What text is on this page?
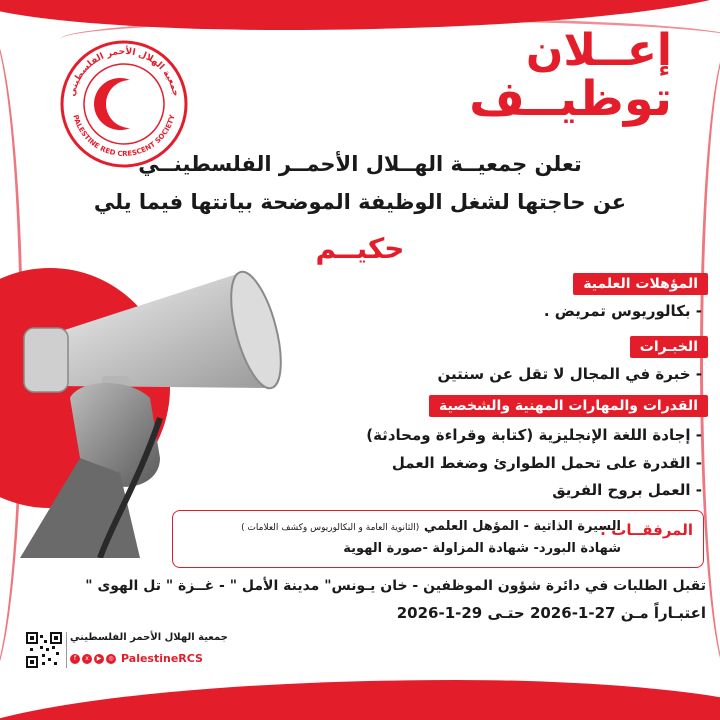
جمعية الهلال الأحمر الفلسطيني
PALESTINE RED CRESCENT SOCIETY
إعــلان
توظيــف
تعلن جمعيــة الهــلال الأحمــر الفلسطينــي
عن حاجتها لشغل الوظيفة الموضحة بيانتها فيما يلي
حكيــم
المؤهلات العلمية
- بكالوريوس تمريض .
الخبـرات
- خبرة في المجال لا تقل عن سنتين
القدرات والمهارات المهنية والشخصية
- إجادة اللغة الإنجليزية (كتابة وقراءة ومحادثة)
- القدرة على تحمل الطوارئ وضغط العمل
- العمل بروح الفريق
المرفقــات :
السيرة الذاتية - المؤهل العلمي (الثانوية العامة و البكالوريوس وكشف العلامات )
شهادة البورد- شهادة المزاولة -صورة الهوية
تقبل الطلبات في دائرة شؤون الموظفين - خان يـونس" مدينة الأمل " - غــزة " تل الهوى "
اعتبـاراً مـن 27-1-2026 حتـى 29-1-2026
جمعية الهلال الأحمر الفلسطيني
f	x	▶	◎ PalestineRCS
